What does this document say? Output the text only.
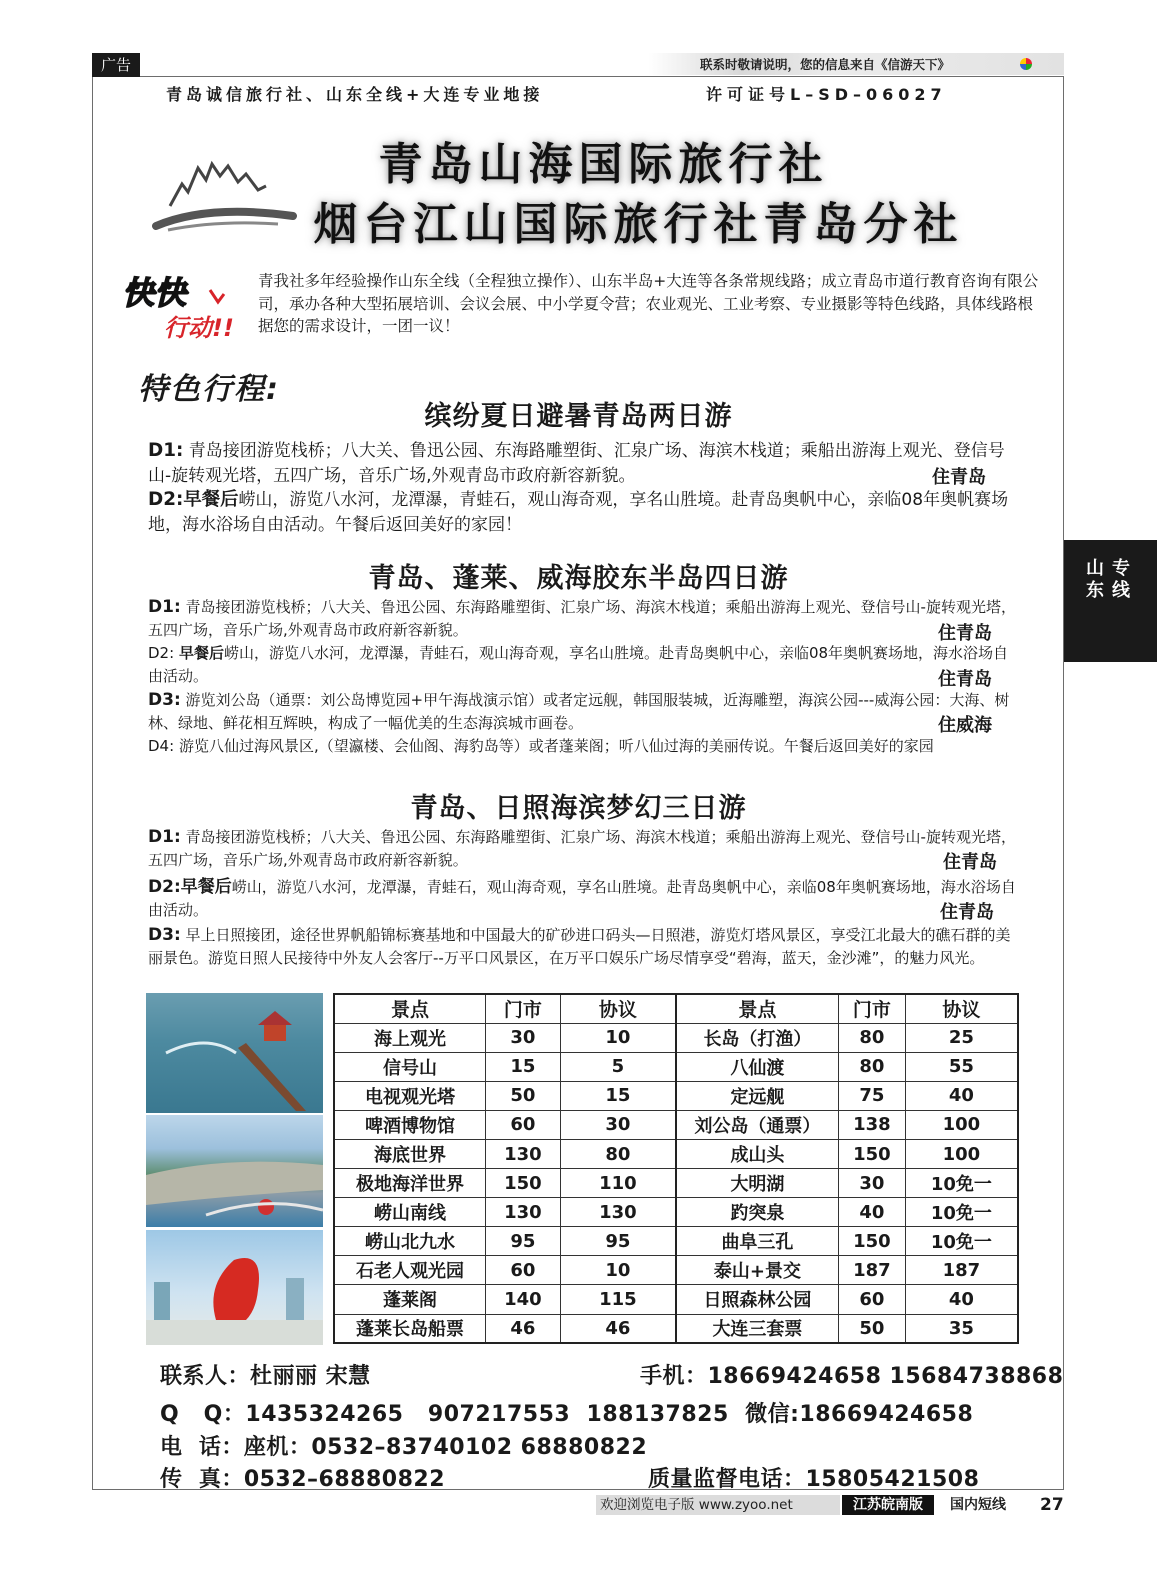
广告	联系时敬请说明，您的信息来自《信游天下》
青岛诚信旅行社、山东全线+大连专业地接	许可证号L–SD–06027
青岛山海国际旅行社
烟台江山国际旅行社青岛分社
快快
行动!!
青我社多年经验操作山东全线（全程独立操作）、山东半岛+大连等各条常规线路；成立青岛市道行教育咨询有限公司，承办各种大型拓展培训、会议会展、中小学夏令营；农业观光、工业考察、专业摄影等特色线路，具体线路根据您的需求设计，一团一议！
特色行程:
缤纷夏日避暑青岛两日游
D1: 青岛接团游览栈桥；八大关、鲁迅公园、东海路雕塑街、汇泉广场、海滨木栈道；乘船出游海上观光、登信号山-旋转观光塔，五四广场，音乐广场,外观青岛市政府新容新貌。	住青岛
D2:早餐后崂山，游览八水河，龙潭瀑，青蛙石，观山海奇观，享名山胜境。赴青岛奥帆中心，亲临08年奥帆赛场地，海水浴场自由活动。午餐后返回美好的家园！
青岛、蓬莱、威海胶东半岛四日游
D1: 青岛接团游览栈桥；八大关、鲁迅公园、东海路雕塑街、汇泉广场、海滨木栈道；乘船出游海上观光、登信号山-旋转观光塔，五四广场，音乐广场,外观青岛市政府新容新貌。	住青岛
D2: 早餐后崂山，游览八水河，龙潭瀑，青蛙石，观山海奇观，享名山胜境。赴青岛奥帆中心，亲临08年奥帆赛场地，海水浴场自由活动。	住青岛
D3: 游览刘公岛（通票：刘公岛博览园+甲午海战演示馆）或者定远舰，韩国服装城，近海雕塑，海滨公园---威海公园：大海、树林、绿地、鲜花相互辉映，构成了一幅优美的生态海滨城市画卷。	住威海
D4: 游览八仙过海风景区,（望瀛楼、会仙阁、海豹岛等）或者蓬莱阁；听八仙过海的美丽传说。午餐后返回美好的家园
青岛、日照海滨梦幻三日游
D1: 青岛接团游览栈桥；八大关、鲁迅公园、东海路雕塑街、汇泉广场、海滨木栈道；乘船出游海上观光、登信号山-旋转观光塔，五四广场，音乐广场,外观青岛市政府新容新貌。	住青岛
D2:早餐后崂山，游览八水河，龙潭瀑，青蛙石，观山海奇观，享名山胜境。赴青岛奥帆中心，亲临08年奥帆赛场地，海水浴场自由活动。	住青岛
D3: 早上日照接团，途径世界帆船锦标赛基地和中国最大的矿砂进口码头—日照港，游览灯塔风景区，享受江北最大的礁石群的美丽景色。游览日照人民接待中外友人会客厅--万平口风景区，在万平口娱乐广场尽情享受“碧海，蓝天，金沙滩”，的魅力风光。
景点	门市	协议	景点	门市	协议
海上观光	30	10	长岛（打渔）	80	25
信号山	15	5	八仙渡	80	55
电视观光塔	50	15	定远舰	75	40
啤酒博物馆	60	30	刘公岛（通票）	138	100
海底世界	130	80	成山头	150	100
极地海洋世界	150	110	大明湖	30	10免一
崂山南线	130	130	趵突泉	40	10免一
崂山北九水	95	95	曲阜三孔	150	10免一
石老人观光园	60	10	泰山+景交	187	187
蓬莱阁	140	115	日照森林公园	60	40
蓬莱长岛船票	46	46	大连三套票	50	35
联系人：杜丽丽 宋慧	手机：18669424658 15684738868
Q   Q：1435324265   907217553  188137825  微信:18669424658
电  话：座机：0532–83740102 68880822
传  真：0532–68880822	质量监督电话：15805421508
山东
专线
欢迎浏览电子版 www.zyoo.net	江苏皖南版	国内短线 27
